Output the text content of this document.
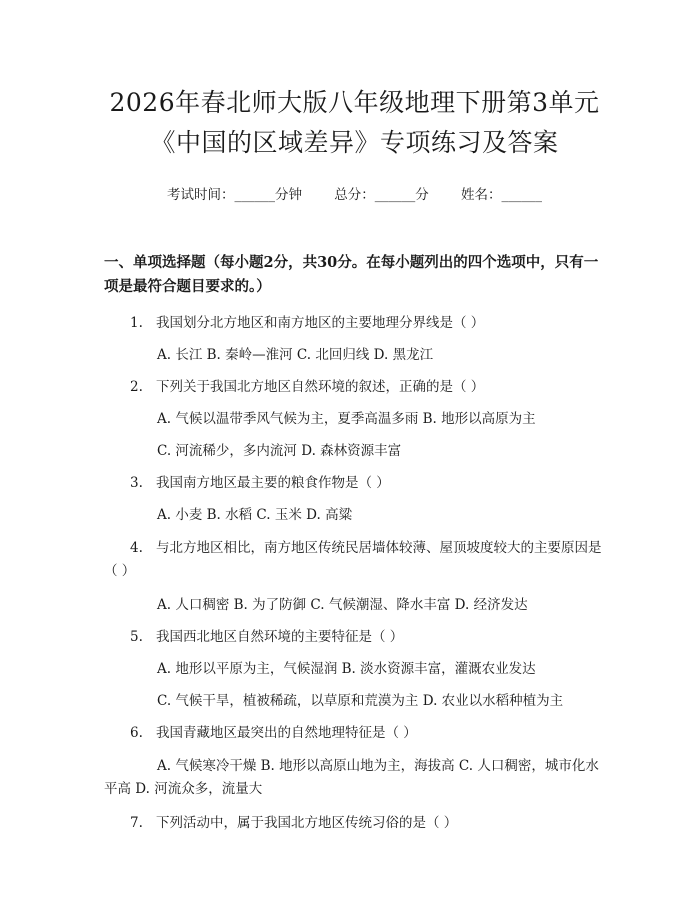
2026年春北师大版八年级地理下册第3单元
《中国的区域差异》专项练习及答案
考试时间：______分钟 总分：______分 姓名：______
一、单项选择题（每小题2分，共30分。在每小题列出的四个选项中，只有一项是最符合题目要求的。）

1. 我国划分北方地区和南方地区的主要地理分界线是（ ）

A. 长江 B. 秦岭—淮河 C. 北回归线 D. 黑龙江

2. 下列关于我国北方地区自然环境的叙述，正确的是（ ）

A. 气候以温带季风气候为主，夏季高温多雨 B. 地形以高原为主

C. 河流稀少，多内流河 D. 森林资源丰富

3. 我国南方地区最主要的粮食作物是（ ）

A. 小麦 B. 水稻 C. 玉米 D. 高粱

4. 与北方地区相比，南方地区传统民居墙体较薄、屋顶坡度较大的主要原因是（ ）

A. 人口稠密 B. 为了防御 C. 气候潮湿、降水丰富 D. 经济发达

5. 我国西北地区自然环境的主要特征是（ ）

A. 地形以平原为主，气候湿润 B. 淡水资源丰富，灌溉农业发达

C. 气候干旱，植被稀疏，以草原和荒漠为主 D. 农业以水稻种植为主

6. 我国青藏地区最突出的自然地理特征是（ ）

A. 气候寒冷干燥 B. 地形以高原山地为主，海拔高 C. 人口稠密，城市化水平高 D. 河流众多，流量大

7. 下列活动中，属于我国北方地区传统习俗的是（ ）
